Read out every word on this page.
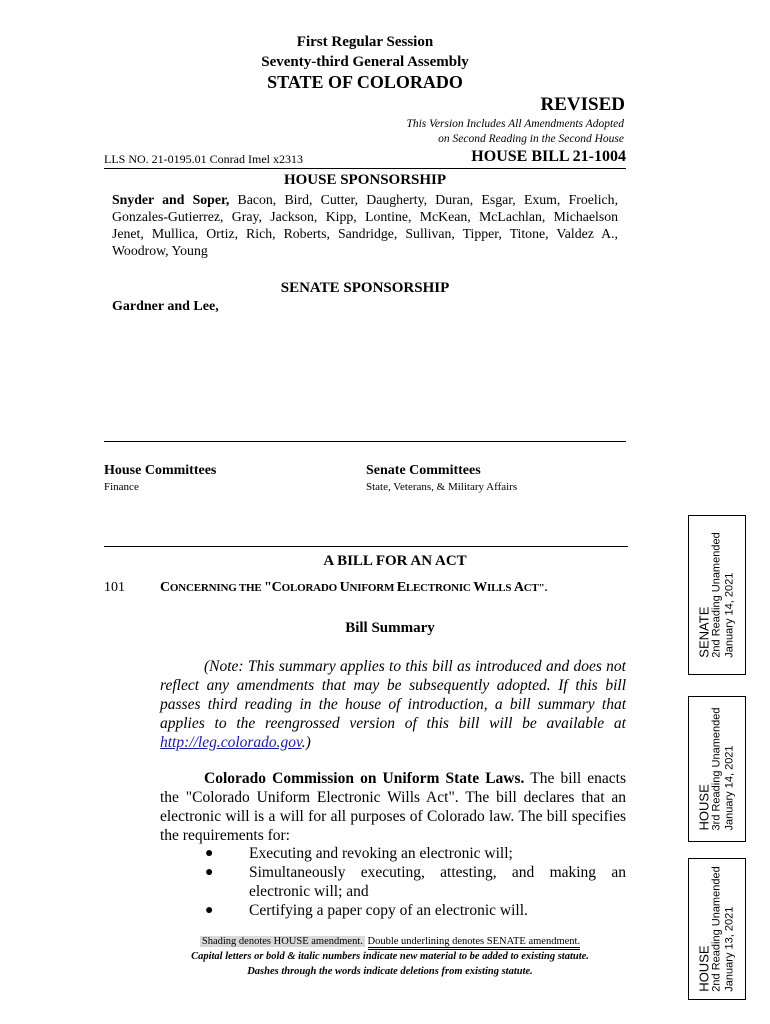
First Regular Session
Seventy-third General Assembly
STATE OF COLORADO
REVISED
This Version Includes All Amendments Adopted
on Second Reading in the Second House
LLS NO. 21-0195.01 Conrad Imel x2313	HOUSE BILL 21-1004
HOUSE SPONSORSHIP
Snyder and Soper, Bacon, Bird, Cutter, Daugherty, Duran, Esgar, Exum, Froelich, Gonzales-Gutierrez, Gray, Jackson, Kipp, Lontine, McKean, McLachlan, Michaelson Jenet, Mullica, Ortiz, Rich, Roberts, Sandridge, Sullivan, Tipper, Titone, Valdez A., Woodrow, Young
SENATE SPONSORSHIP
Gardner and Lee,
House Committees
Finance
Senate Committees
State, Veterans, & Military Affairs
A BILL FOR AN ACT
101	CONCERNING THE "COLORADO UNIFORM ELECTRONIC WILLS ACT".
Bill Summary
(Note: This summary applies to this bill as introduced and does not reflect any amendments that may be subsequently adopted. If this bill passes third reading in the house of introduction, a bill summary that applies to the reengrossed version of this bill will be available at http://leg.colorado.gov.)
Colorado Commission on Uniform State Laws. The bill enacts the "Colorado Uniform Electronic Wills Act". The bill declares that an electronic will is a will for all purposes of Colorado law. The bill specifies the requirements for:
● Executing and revoking an electronic will;
● Simultaneously executing, attesting, and making an electronic will; and
● Certifying a paper copy of an electronic will.
Shading denotes HOUSE amendment. Double underlining denotes SENATE amendment.
Capital letters or bold & italic numbers indicate new material to be added to existing statute.
Dashes through the words indicate deletions from existing statute.
SENATE 2nd Reading Unamended January 14, 2021
HOUSE 3rd Reading Unamended January 14, 2021
HOUSE 2nd Reading Unamended January 13, 2021
